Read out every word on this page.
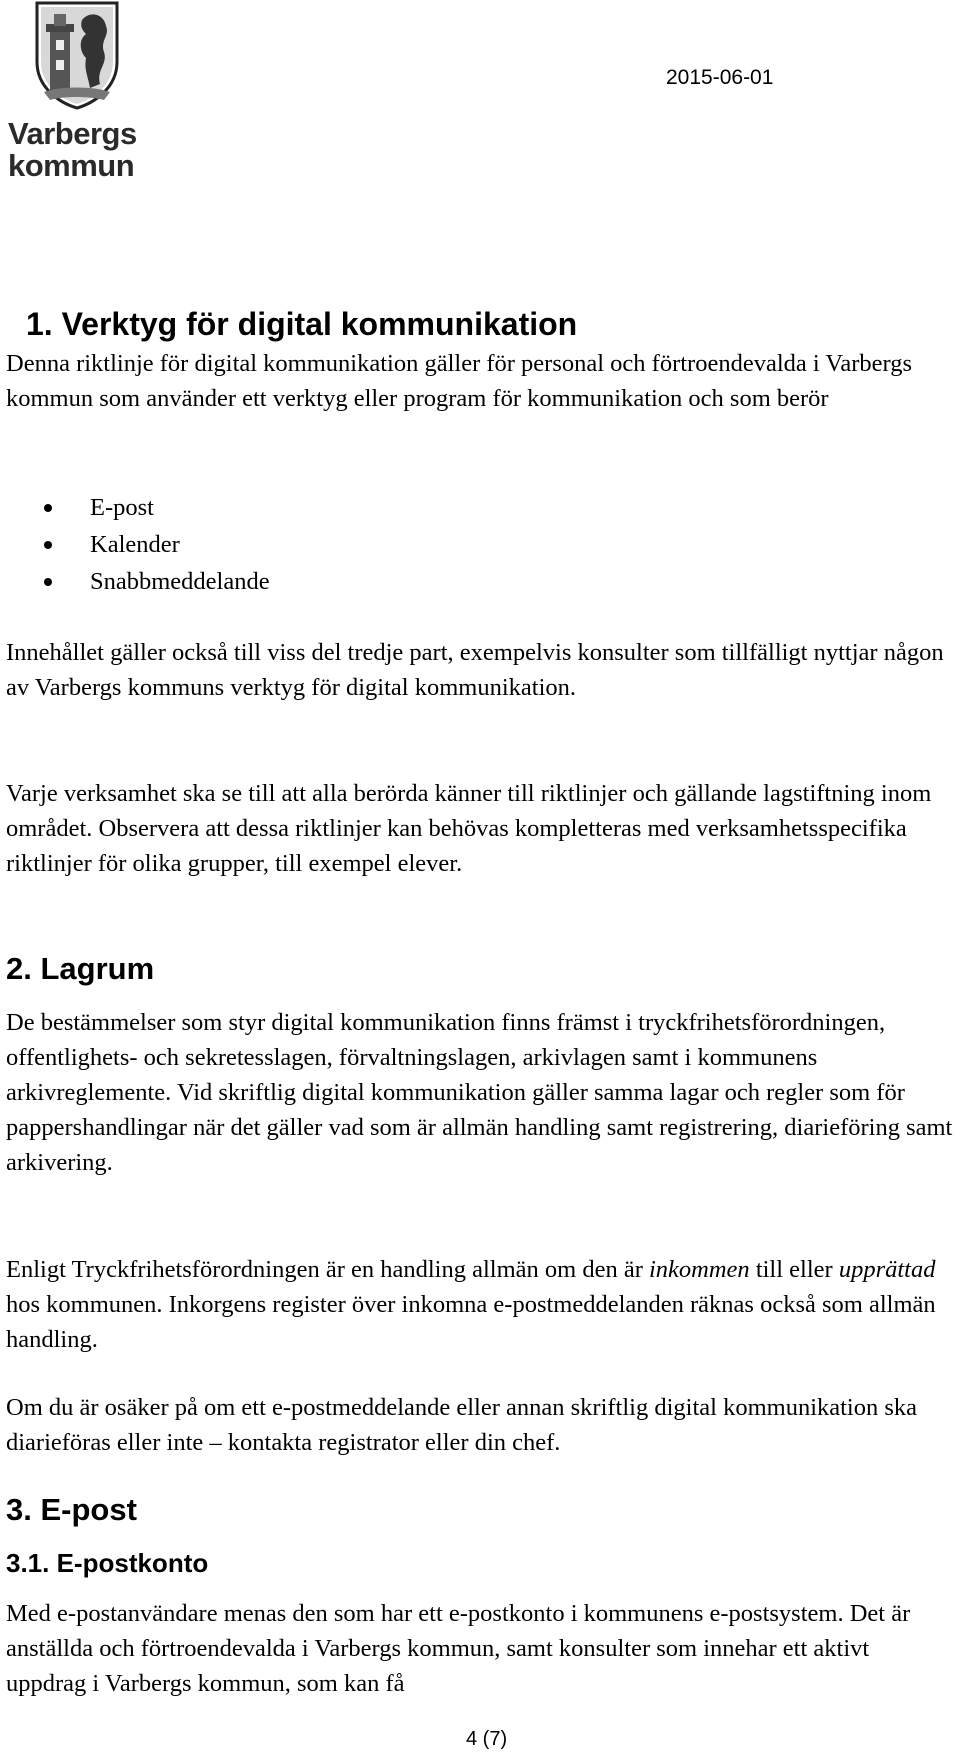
Varbergs
kommun
2015-06-01
1. Verktyg för digital kommunikation
Denna riktlinje för digital kommunikation gäller för personal och förtroendevalda i Varbergs kommun som använder ett verktyg eller program för kommunikation och som berör
E-post
Kalender
Snabbmeddelande
Innehållet gäller också till viss del tredje part, exempelvis konsulter som tillfälligt nyttjar någon av Varbergs kommuns verktyg för digital kommunikation.
Varje verksamhet ska se till att alla berörda känner till riktlinjer och gällande lagstiftning inom området. Observera att dessa riktlinjer kan behövas kompletteras med verksamhetsspecifika riktlinjer för olika grupper, till exempel elever.
2. Lagrum
De bestämmelser som styr digital kommunikation finns främst i tryckfrihetsförordningen, offentlighets- och sekretesslagen, förvaltningslagen, arkivlagen samt i kommunens arkivreglemente. Vid skriftlig digital kommunikation gäller samma lagar och regler som för pappershandlingar när det gäller vad som är allmän handling samt registrering, diarieföring samt arkivering.
Enligt Tryckfrihetsförordningen är en handling allmän om den är inkommen till eller upprättad hos kommunen. Inkorgens register över inkomna e-postmeddelanden räknas också som allmän handling.
Om du är osäker på om ett e-postmeddelande eller annan skriftlig digital kommunikation ska diarieföras eller inte – kontakta registrator eller din chef.
3. E-post
3.1. E-postkonto
Med e-postanvändare menas den som har ett e-postkonto i kommunens e-postsystem. Det är anställda och förtroendevalda i Varbergs kommun, samt konsulter som innehar ett aktivt uppdrag i Varbergs kommun, som kan få
4 (7)
